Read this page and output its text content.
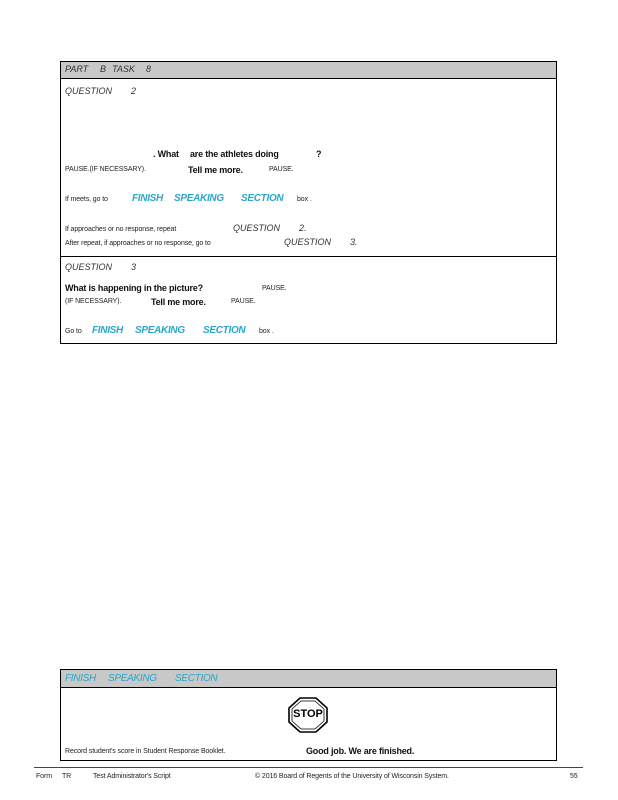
PART B TASK 8
QUESTION 2
. What are the athletes doing	?
PAUSE.(IF NECESSARY).	Tell me more.	PAUSE.
If meets, go to FINISH SPEAKING SECTION box .
If approaches or no response, repeat	QUESTION 2.
After repeat, if approaches or no response, go to	QUESTION 3.
QUESTION 3
What is happening in the picture?	PAUSE.
(IF NECESSARY).	Tell me more.	PAUSE.
Go to FINISH SPEAKING SECTION box .
FINISH SPEAKING SECTION
STOP
Record student's score in Student Response Booklet.	Good job. We are finished.
Form TR	Test Administrator's Script	© 2016 Board of Regents of the University of Wisconsin System.	55
